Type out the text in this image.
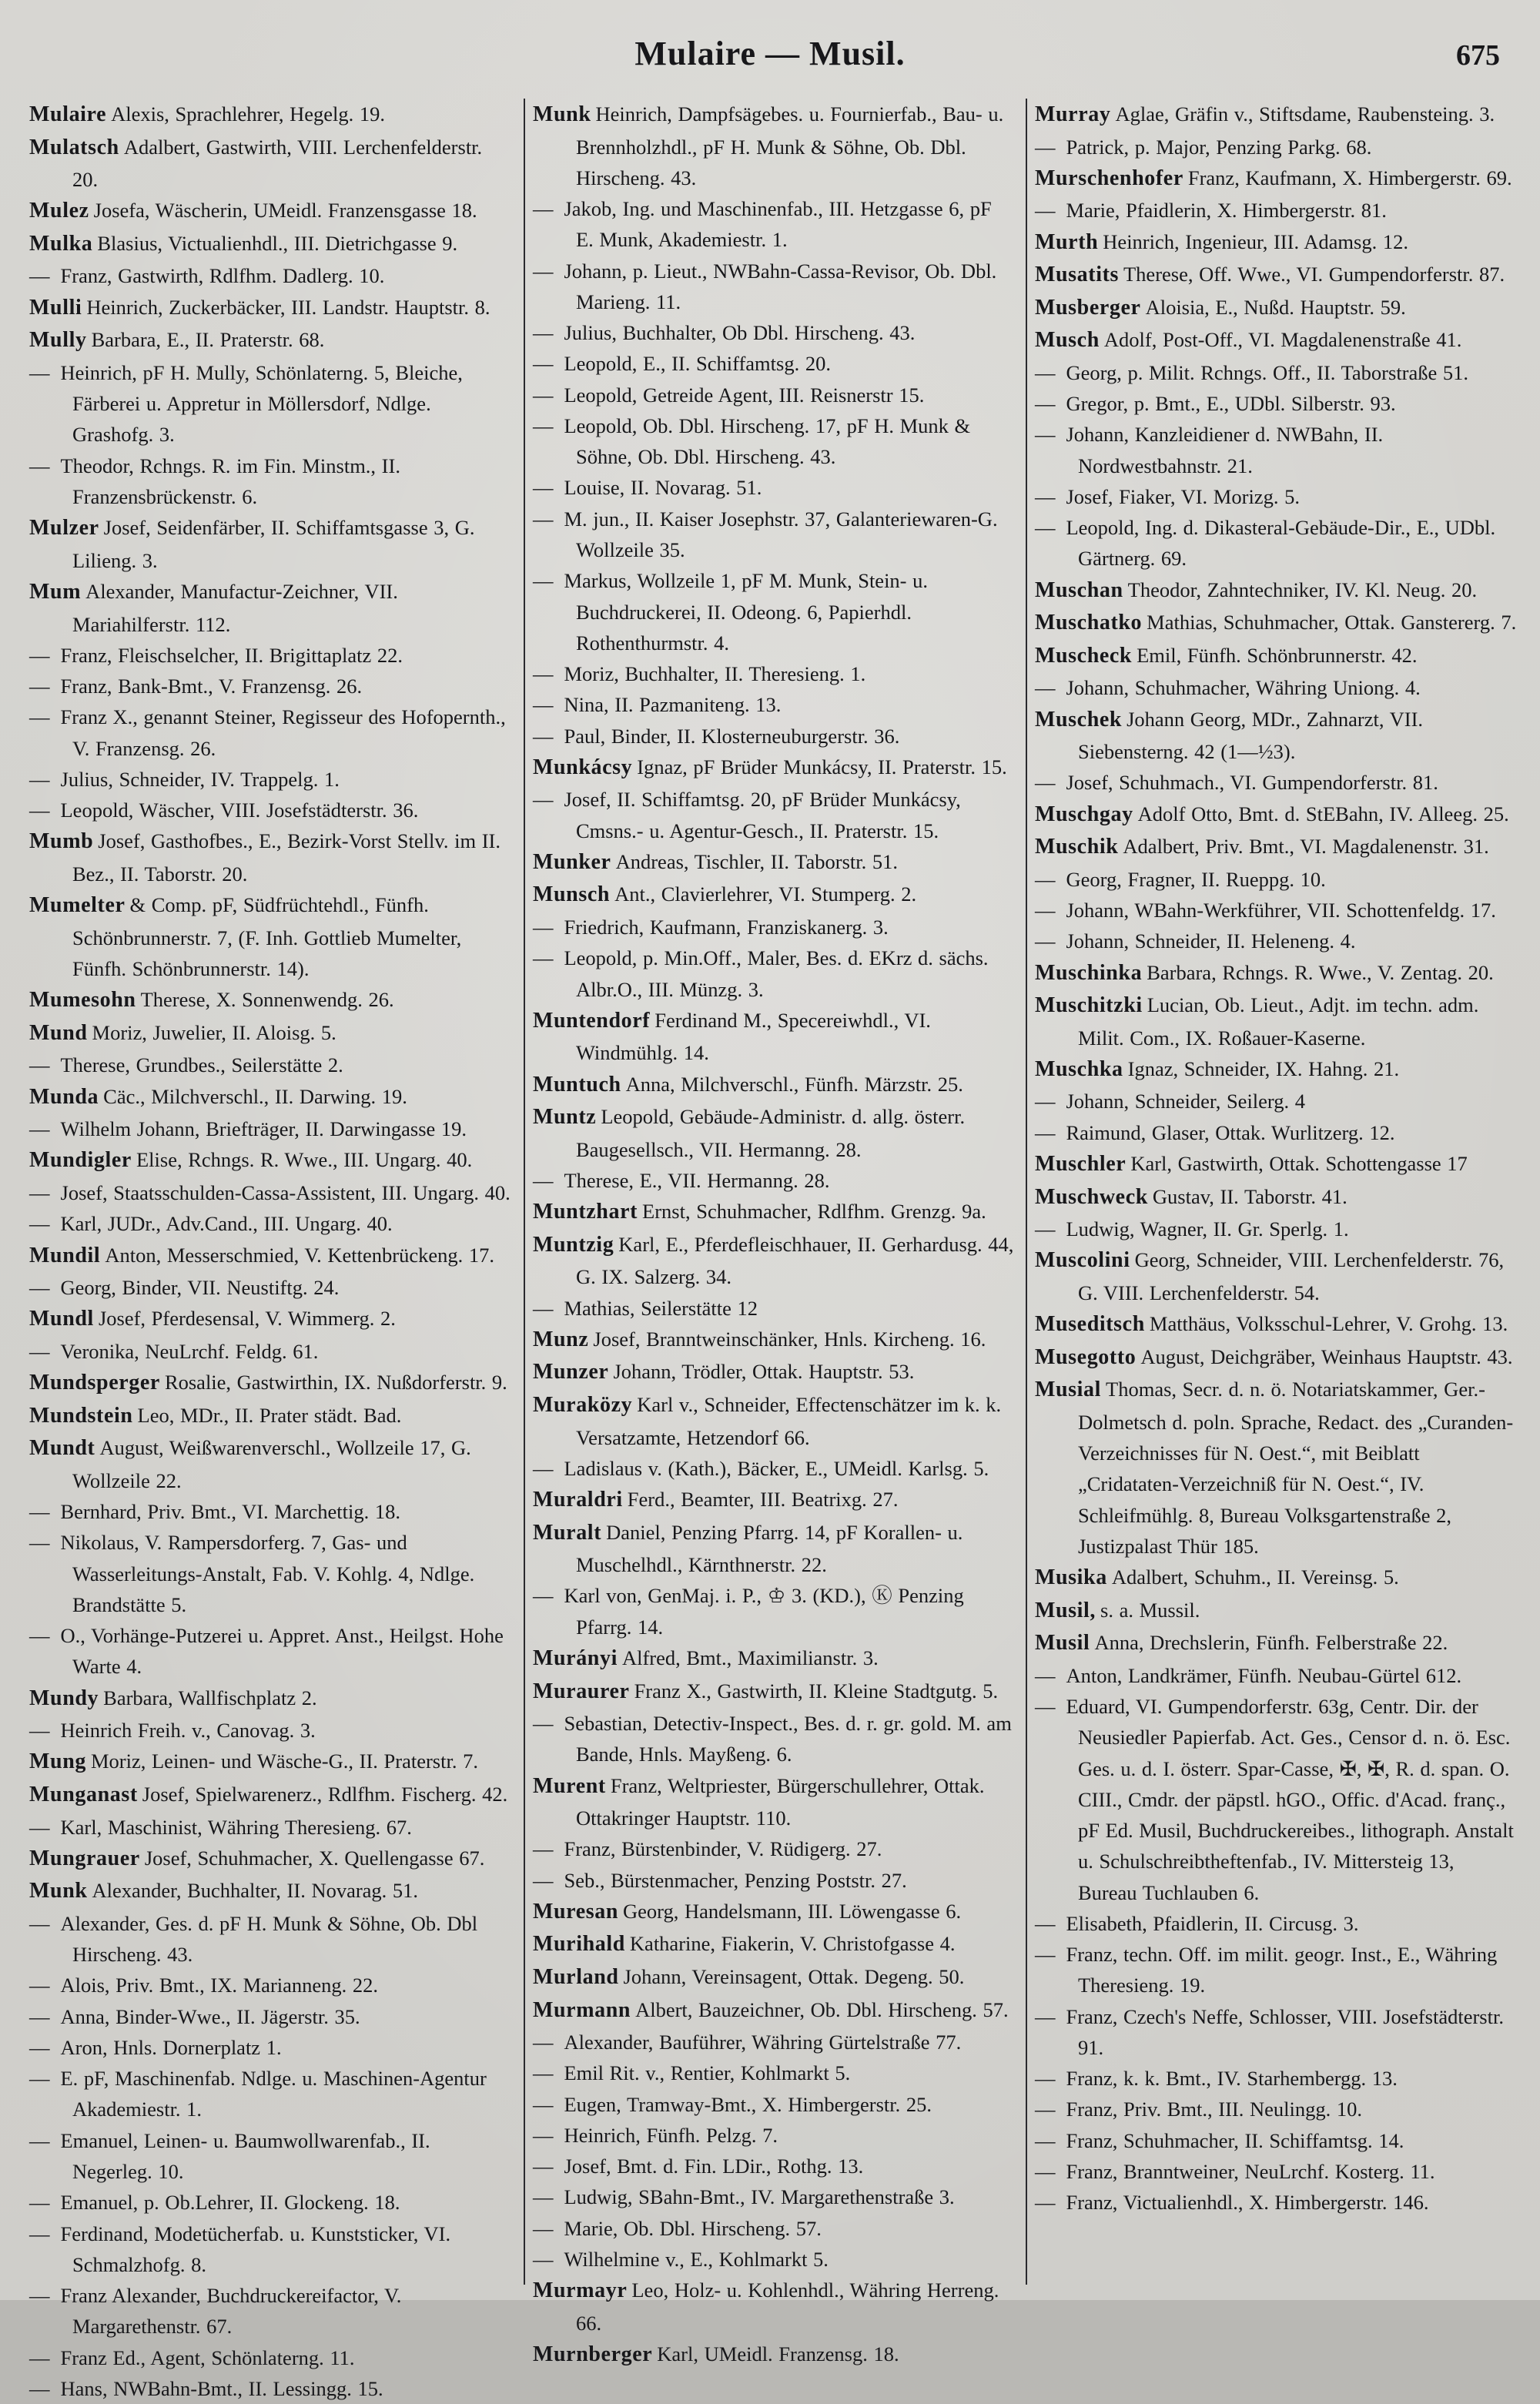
Mulaire — Musil.	675

Mulaire Alexis, Sprachlehrer, Hegelg. 19.

Mulatsch Adalbert, Gastwirth, VIII. Lerchenfelderstr. 20.

Mulez Josefa, Wäscherin, UMeidl. Franzensgasse 18.

Mulka Blasius, Victualienhdl., III. Dietrichgasse 9.

— Franz, Gastwirth, Rdlfhm. Dadlerg. 10.

Mulli Heinrich, Zuckerbäcker, III. Landstr. Hauptstr. 8.

Mully Barbara, E., II. Praterstr. 68.

— Heinrich, pF H. Mully, Schönlaterng. 5, Bleiche, Färberei u. Appretur in Möllersdorf, Ndlge. Grashofg. 3.

— Theodor, Rchngs. R. im Fin. Minstm., II. Franzensbrückenstr. 6.

Mulzer Josef, Seidenfärber, II. Schiffamtsgasse 3, G. Lilieng. 3.

Mum Alexander, Manufactur-Zeichner, VII. Mariahilferstr. 112.

— Franz, Fleischselcher, II. Brigittaplatz 22.

— Franz, Bank-Bmt., V. Franzensg. 26.

— Franz X., genannt Steiner, Regisseur des Hofopernth., V. Franzensg. 26.

— Julius, Schneider, IV. Trappelg. 1.

— Leopold, Wäscher, VIII. Josefstädterstr. 36.

Mumb Josef, Gasthofbes., E., Bezirk-Vorst Stellv. im II. Bez., II. Taborstr. 20.

Mumelter & Comp. pF, Südfrüchtehdl., Fünfh. Schönbrunnerstr. 7, (F. Inh. Gottlieb Mumelter, Fünfh. Schönbrunnerstr. 14).

Mumesohn Therese, X. Sonnenwendg. 26.

Mund Moriz, Juwelier, II. Aloisg. 5.

— Therese, Grundbes., Seilerstätte 2.

Munda Cäc., Milchverschl., II. Darwing. 19.

— Wilhelm Johann, Briefträger, II. Darwingasse 19.

Mundigler Elise, Rchngs. R. Wwe., III. Ungarg. 40.

— Josef, Staatsschulden-Cassa-Assistent, III. Ungarg. 40.

— Karl, JUDr., Adv.Cand., III. Ungarg. 40.

Mundil Anton, Messerschmied, V. Kettenbrückeng. 17.

— Georg, Binder, VII. Neustiftg. 24.

Mundl Josef, Pferdesensal, V. Wimmerg. 2.

— Veronika, NeuLrchf. Feldg. 61.

Mundsperger Rosalie, Gastwirthin, IX. Nußdorferstr. 9.

Mundstein Leo, MDr., II. Prater städt. Bad.

Mundt August, Weißwarenverschl., Wollzeile 17, G. Wollzeile 22.

— Bernhard, Priv. Bmt., VI. Marchettig. 18.

— Nikolaus, V. Rampersdorferg. 7, Gas- und Wasserleitungs-Anstalt, Fab. V. Kohlg. 4, Ndlge. Brandstätte 5.

— O., Vorhänge-Putzerei u. Appret. Anst., Heilgst. Hohe Warte 4.

Mundy Barbara, Wallfischplatz 2.

— Heinrich Freih. v., Canovag. 3.

Mung Moriz, Leinen- und Wäsche-G., II. Praterstr. 7.

Munganast Josef, Spielwarenerz., Rdlfhm. Fischerg. 42.

— Karl, Maschinist, Währing Theresieng. 67.

Mungrauer Josef, Schuhmacher, X. Quellengasse 67.

Munk Alexander, Buchhalter, II. Novarag. 51.

— Alexander, Ges. d. pF H. Munk & Söhne, Ob. Dbl Hirscheng. 43.

— Alois, Priv. Bmt., IX. Marianneng. 22.

— Anna, Binder-Wwe., II. Jägerstr. 35.

— Aron, Hnls. Dornerplatz 1.

— E. pF, Maschinenfab. Ndlge. u. Maschinen-Agentur Akademiestr. 1.

— Emanuel, Leinen- u. Baumwollwarenfab., II. Negerleg. 10.

— Emanuel, p. Ob.Lehrer, II. Glockeng. 18.

— Ferdinand, Modetücherfab. u. Kunststicker, VI. Schmalzhofg. 8.

— Franz Alexander, Buchdruckereifactor, V. Margarethenstr. 67.

— Franz Ed., Agent, Schönlaterng. 11.

— Hans, NWBahn-Bmt., II. Lessingg. 15.

Munk Heinrich, Dampfsägebes. u. Fournierfab., Bau- u. Brennholzhdl., pF H. Munk & Söhne, Ob. Dbl. Hirscheng. 43.

— Jakob, Ing. und Maschinenfab., III. Hetzgasse 6, pF E. Munk, Akademiestr. 1.

— Johann, p. Lieut., NWBahn-Cassa-Revisor, Ob. Dbl. Marieng. 11.

— Julius, Buchhalter, Ob Dbl. Hirscheng. 43.

— Leopold, E., II. Schiffamtsg. 20.

— Leopold, Getreide Agent, III. Reisnerstr 15.

— Leopold, Ob. Dbl. Hirscheng. 17, pF H. Munk & Söhne, Ob. Dbl. Hirscheng. 43.

— Louise, II. Novarag. 51.

— M. jun., II. Kaiser Josephstr. 37, Galanteriewaren-G. Wollzeile 35.

— Markus, Wollzeile 1, pF M. Munk, Stein- u. Buchdruckerei, II. Odeong. 6, Papierhdl. Rothenthurmstr. 4.

— Moriz, Buchhalter, II. Theresieng. 1.

— Nina, II. Pazmaniteng. 13.

— Paul, Binder, II. Klosterneuburgerstr. 36.

Munkácsy Ignaz, pF Brüder Munkácsy, II. Praterstr. 15.

— Josef, II. Schiffamtsg. 20, pF Brüder Munkácsy, Cmsns.- u. Agentur-Gesch., II. Praterstr. 15.

Munker Andreas, Tischler, II. Taborstr. 51.

Munsch Ant., Clavierlehrer, VI. Stumperg. 2.

— Friedrich, Kaufmann, Franziskanerg. 3.

— Leopold, p. Min.Off., Maler, Bes. d. EKrz d. sächs. Albr.O., III. Münzg. 3.

Muntendorf Ferdinand M., Specereiwhdl., VI. Windmühlg. 14.

Muntuch Anna, Milchverschl., Fünfh. Märzstr. 25.

Muntz Leopold, Gebäude-Administr. d. allg. österr. Baugesellsch., VII. Hermanng. 28.

— Therese, E., VII. Hermanng. 28.

Muntzhart Ernst, Schuhmacher, Rdlfhm. Grenzg. 9a.

Muntzig Karl, E., Pferdefleischhauer, II. Gerhardusg. 44, G. IX. Salzerg. 34.

— Mathias, Seilerstätte 12

Munz Josef, Branntweinschänker, Hnls. Kircheng. 16.

Munzer Johann, Trödler, Ottak. Hauptstr. 53.

Muraközy Karl v., Schneider, Effectenschätzer im k. k. Versatzamte, Hetzendorf 66.

— Ladislaus v. (Kath.), Bäcker, E., UMeidl. Karlsg. 5.

Muraldri Ferd., Beamter, III. Beatrixg. 27.

Muralt Daniel, Penzing Pfarrg. 14, pF Korallen- u. Muschelhdl., Kärnthnerstr. 22.

— Karl von, GenMaj. i. P., ♔ 3. (KD.), Ⓚ Penzing Pfarrg. 14.

Murányi Alfred, Bmt., Maximilianstr. 3.

Muraurer Franz X., Gastwirth, II. Kleine Stadtgutg. 5.

— Sebastian, Detectiv-Inspect., Bes. d. r. gr. gold. M. am Bande, Hnls. Mayßeng. 6.

Murent Franz, Weltpriester, Bürgerschullehrer, Ottak. Ottakringer Hauptstr. 110.

— Franz, Bürstenbinder, V. Rüdigerg. 27.

— Seb., Bürstenmacher, Penzing Poststr. 27.

Muresan Georg, Handelsmann, III. Löwengasse 6.

Murihald Katharine, Fiakerin, V. Christofgasse 4.

Murland Johann, Vereinsagent, Ottak. Degeng. 50.

Murmann Albert, Bauzeichner, Ob. Dbl. Hirscheng. 57.

— Alexander, Bauführer, Währing Gürtelstraße 77.

— Emil Rit. v., Rentier, Kohlmarkt 5.

— Eugen, Tramway-Bmt., X. Himbergerstr. 25.

— Heinrich, Fünfh. Pelzg. 7.

— Josef, Bmt. d. Fin. LDir., Rothg. 13.

— Ludwig, SBahn-Bmt., IV. Margarethenstraße 3.

— Marie, Ob. Dbl. Hirscheng. 57.

— Wilhelmine v., E., Kohlmarkt 5.

Murmayr Leo, Holz- u. Kohlenhdl., Währing Herreng. 66.

Murnberger Karl, UMeidl. Franzensg. 18.

Murray Aglae, Gräfin v., Stiftsdame, Raubensteing. 3.

— Patrick, p. Major, Penzing Parkg. 68.

Murschenhofer Franz, Kaufmann, X. Himbergerstr. 69.

— Marie, Pfaidlerin, X. Himbergerstr. 81.

Murth Heinrich, Ingenieur, III. Adamsg. 12.

Musatits Therese, Off. Wwe., VI. Gumpendorferstr. 87.

Musberger Aloisia, E., Nußd. Hauptstr. 59.

Musch Adolf, Post-Off., VI. Magdalenenstraße 41.

— Georg, p. Milit. Rchngs. Off., II. Taborstraße 51.

— Gregor, p. Bmt., E., UDbl. Silberstr. 93.

— Johann, Kanzleidiener d. NWBahn, II. Nordwestbahnstr. 21.

— Josef, Fiaker, VI. Morizg. 5.

— Leopold, Ing. d. Dikasteral-Gebäude-Dir., E., UDbl. Gärtnerg. 69.

Muschan Theodor, Zahntechniker, IV. Kl. Neug. 20.

Muschatko Mathias, Schuhmacher, Ottak. Ganstererg. 7.

Muscheck Emil, Fünfh. Schönbrunnerstr. 42.

— Johann, Schuhmacher, Währing Uniong. 4.

Muschek Johann Georg, MDr., Zahnarzt, VII. Siebensterng. 42 (1—½3).

— Josef, Schuhmach., VI. Gumpendorferstr. 81.

Muschgay Adolf Otto, Bmt. d. StEBahn, IV. Alleeg. 25.

Muschik Adalbert, Priv. Bmt., VI. Magdalenenstr. 31.

— Georg, Fragner, II. Rueppg. 10.

— Johann, WBahn-Werkführer, VII. Schottenfeldg. 17.

— Johann, Schneider, II. Heleneng. 4.

Muschinka Barbara, Rchngs. R. Wwe., V. Zentag. 20.

Muschitzki Lucian, Ob. Lieut., Adjt. im techn. adm. Milit. Com., IX. Roßauer-Kaserne.

Muschka Ignaz, Schneider, IX. Hahng. 21.

— Johann, Schneider, Seilerg. 4

— Raimund, Glaser, Ottak. Wurlitzerg. 12.

Muschler Karl, Gastwirth, Ottak. Schottengasse 17

Muschweck Gustav, II. Taborstr. 41.

— Ludwig, Wagner, II. Gr. Sperlg. 1.

Muscolini Georg, Schneider, VIII. Lerchenfelderstr. 76, G. VIII. Lerchenfelderstr. 54.

Museditsch Matthäus, Volksschul-Lehrer, V. Grohg. 13.

Musegotto August, Deichgräber, Weinhaus Hauptstr. 43.

Musial Thomas, Secr. d. n. ö. Notariatskammer, Ger.-Dolmetsch d. poln. Sprache, Redact. des „Curanden-Verzeichnisses für N. Oest.“, mit Beiblatt „Cridataten-Verzeichniß für N. Oest.“, IV. Schleifmühlg. 8, Bureau Volksgartenstraße 2, Justizpalast Thür 185.

Musika Adalbert, Schuhm., II. Vereinsg. 5.

Musil, s. a. Mussil.

Musil Anna, Drechslerin, Fünfh. Felberstraße 22.

— Anton, Landkrämer, Fünfh. Neubau-Gürtel 612.

— Eduard, VI. Gumpendorferstr. 63g, Centr. Dir. der Neusiedler Papierfab. Act. Ges., Censor d. n. ö. Esc. Ges. u. d. I. österr. Spar-Casse, ✠, ✠, R. d. span. O. CIII., Cmdr. der päpstl. hGO., Offic. d'Acad. franç., pF Ed. Musil, Buchdruckereibes., lithograph. Anstalt u. Schulschreibtheftenfab., IV. Mittersteig 13, Bureau Tuchlauben 6.

— Elisabeth, Pfaidlerin, II. Circusg. 3.

— Franz, techn. Off. im milit. geogr. Inst., E., Währing Theresieng. 19.

— Franz, Czech's Neffe, Schlosser, VIII. Josefstädterstr. 91.

— Franz, k. k. Bmt., IV. Starhembergg. 13.

— Franz, Priv. Bmt., III. Neulingg. 10.

— Franz, Schuhmacher, II. Schiffamtsg. 14.

— Franz, Branntweiner, NeuLrchf. Kosterg. 11.

— Franz, Victualienhdl., X. Himbergerstr. 146.
